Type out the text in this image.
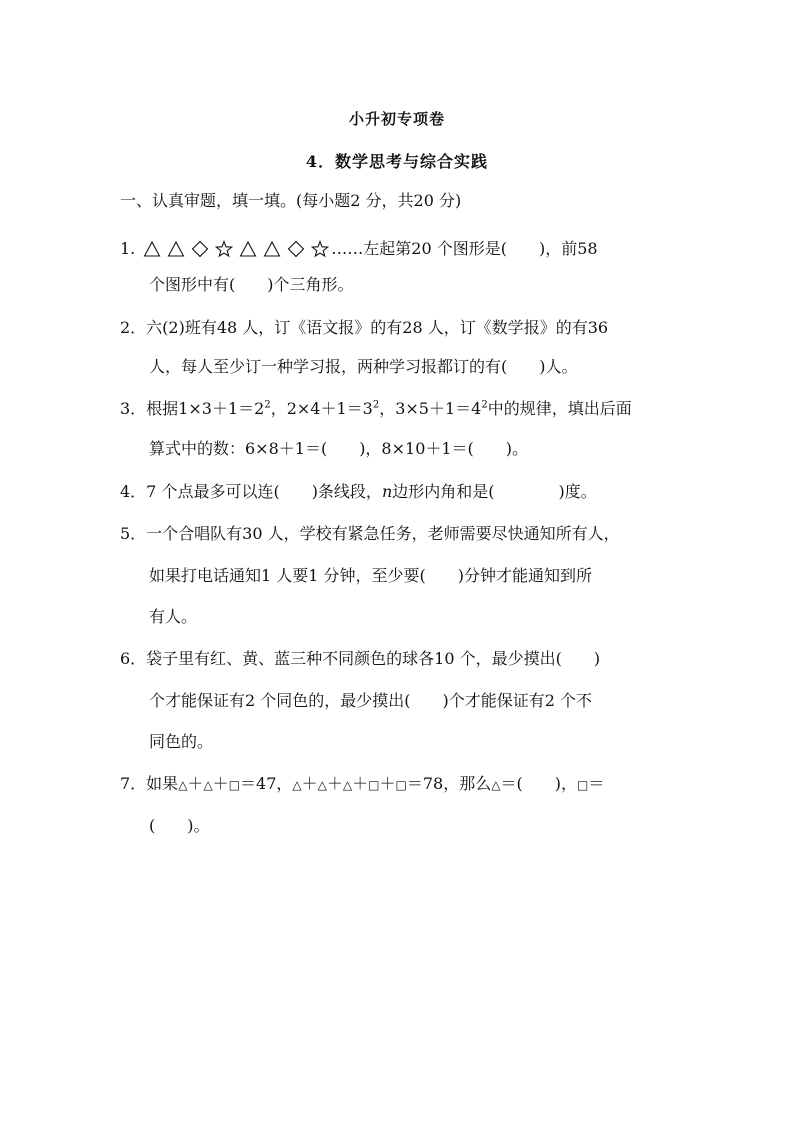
小升初专项卷
4．数学思考与综合实践
一、认真审题，填一填。(每小题2 分，共20 分)
1.	……左起第20 个图形是(　　)，前58
个图形中有(　　)个三角形。
2．六(2)班有48 人，订《语文报》的有28 人，订《数学报》的有36
人，每人至少订一种学习报，两种学习报都订的有(　　)人。
3．根据$1\times 3+1=2^2$，$2\times 4+1=3^2$，$3\times 5+1=4^2$中的规律，填出后面
算式中的数：6×8＋1＝(　　)，8×10＋1＝(　　)。
4．7 个点最多可以连(　　)条线段，n边形内角和是(　　　　)度。
5．一个合唱队有30 人，学校有紧急任务，老师需要尽快通知所有人，
如果打电话通知1 人要1 分钟，至少要(　　)分钟才能通知到所
有人。
6．袋子里有红、黄、蓝三种不同颜色的球各10 个，最少摸出(　　)
个才能保证有2 个同色的，最少摸出(　　)个才能保证有2 个不
同色的。
7．如果△＋△＋□＝47，△＋△＋△＋□＋□＝78，那么△＝(　　)，□＝
(　　)。
